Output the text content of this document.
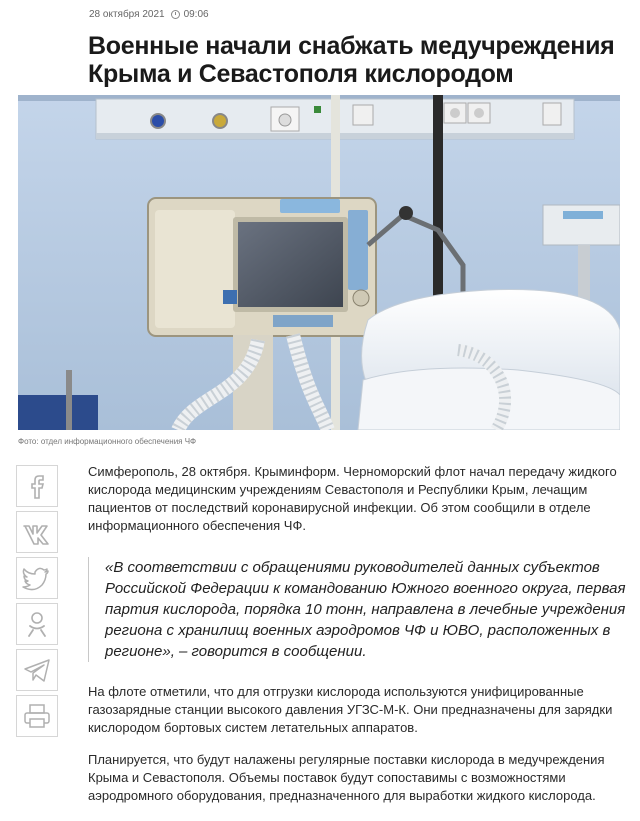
28 октября 2021 09:06
Военные начали снабжать медучреждения Крыма и Севастополя кислородом
Фото: отдел информационного обеспечения ЧФ
Симферополь, 28 октября. Крыминформ. Черноморский флот начал передачу жидкого кислорода медицинским учреждениям Севастополя и Республики Крым, лечащим пациентов от последствий коронавирусной инфекции. Об этом сообщили в отделе информационного обеспечения ЧФ.
«В соответствии с обращениями руководителей данных субъектов Российской Федерации к командованию Южного военного округа, первая партия кислорода, порядка 10 тонн, направлена в лечебные учреждения региона с хранилищ военных аэродромов ЧФ и ЮВО, расположенных в регионе», – говорится в сообщении.
На флоте отметили, что для отгрузки кислорода используются унифицированные газозарядные станции высокого давления УГЗС-М-К. Они предназначены для зарядки кислородом бортовых систем летательных аппаратов.
Планируется, что будут налажены регулярные поставки кислорода в медучреждения Крыма и Севастополя. Объемы поставок будут сопоставимы с возможностями аэродромного оборудования, предназначенного для выработки жидкого кислорода.
